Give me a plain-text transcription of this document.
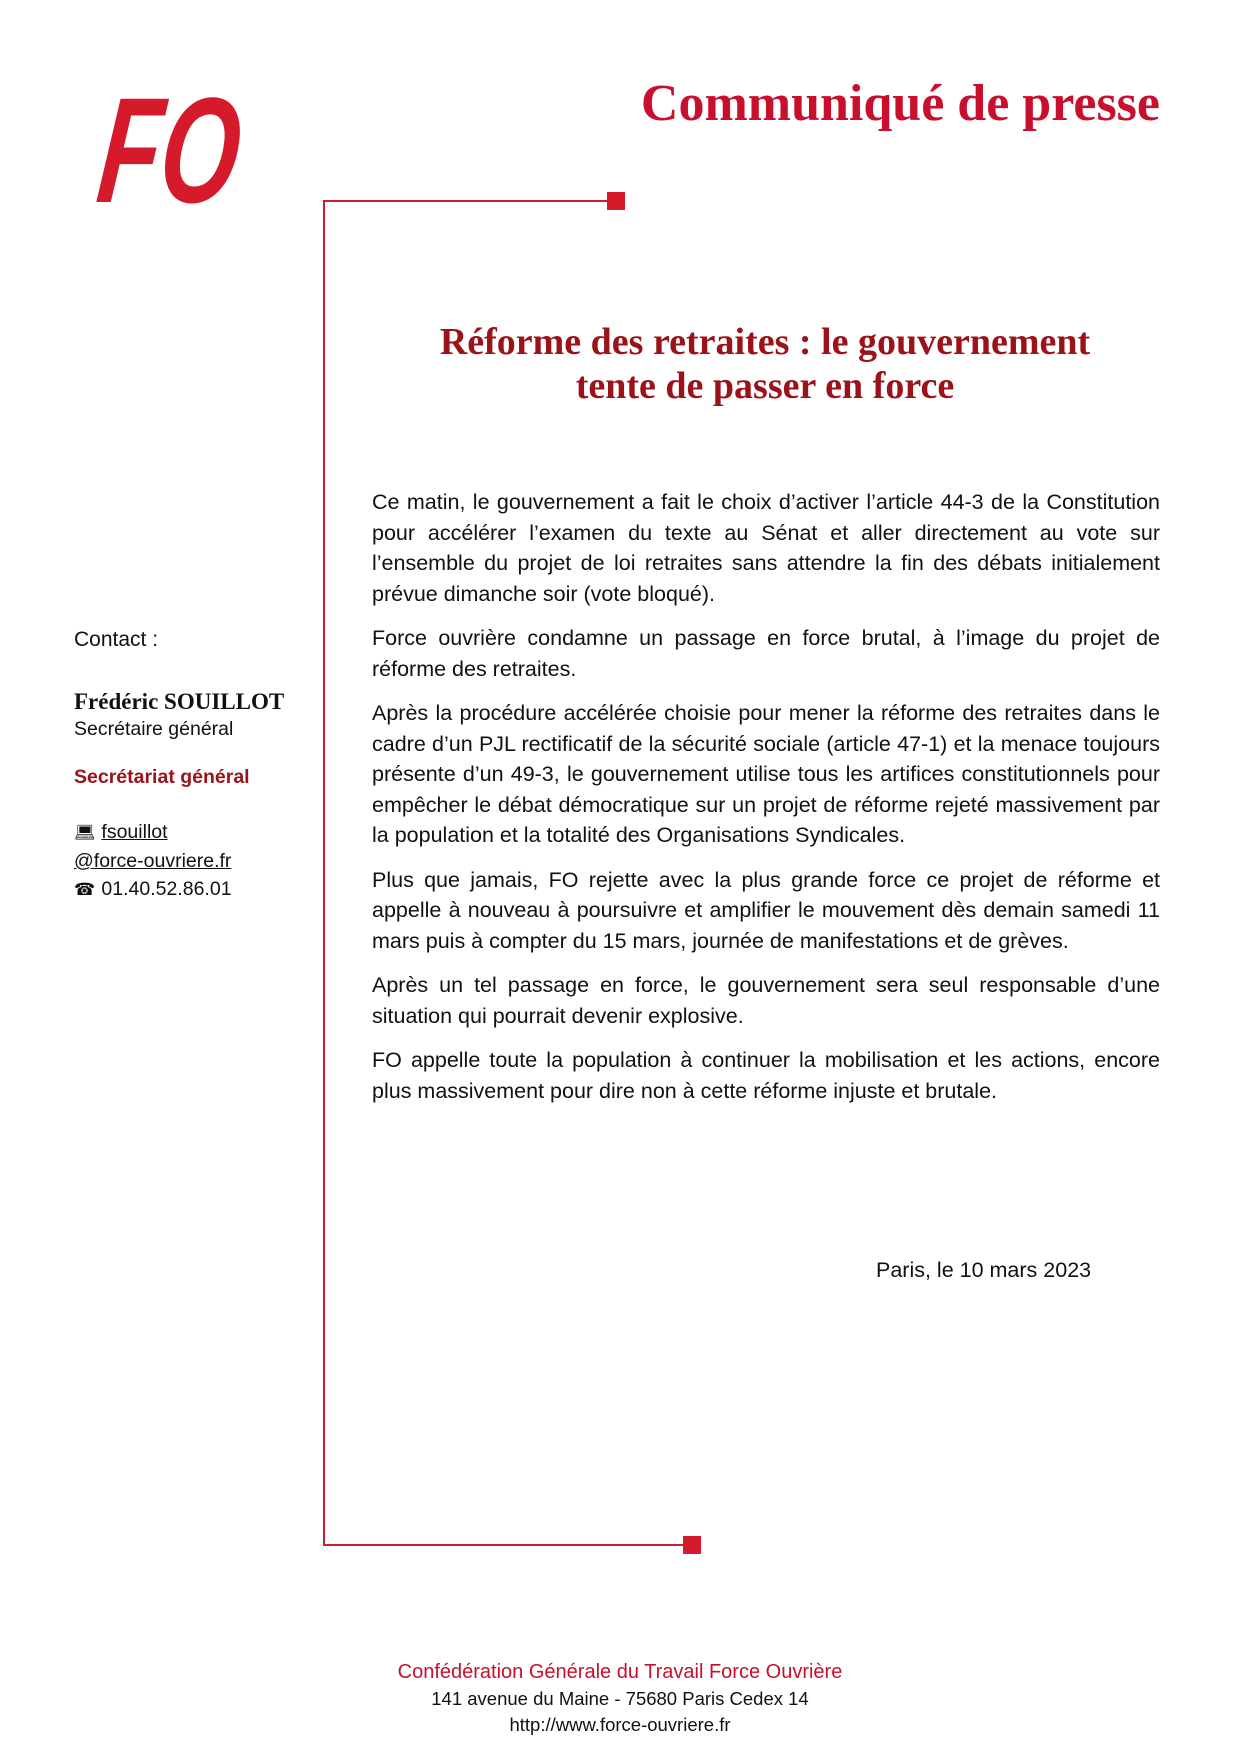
FO	Communiqué de presse
Réforme des retraites : le gouvernement
tente de passer en force

Ce matin, le gouvernement a fait le choix d’activer l’article 44-3 de la Constitution pour accélérer l’examen du texte au Sénat et aller directement au vote sur l’ensemble du projet de loi retraites sans attendre la fin des débats initialement prévue dimanche soir (vote bloqué).

Force ouvrière condamne un passage en force brutal, à l’image du projet de réforme des retraites.

Après la procédure accélérée choisie pour mener la réforme des retraites dans le cadre d’un PJL rectificatif de la sécurité sociale (article 47-1) et la menace toujours présente d’un 49-3, le gouvernement utilise tous les artifices constitutionnels pour empêcher le débat démocratique sur un projet de réforme rejeté massivement par la population et la totalité des Organisations Syndicales.

Plus que jamais, FO rejette avec la plus grande force ce projet de réforme et appelle à nouveau à poursuivre et amplifier le mouvement dès demain samedi 11 mars puis à compter du 15 mars, journée de manifestations et de grèves.

Après un tel passage en force, le gouvernement sera seul responsable d’une situation qui pourrait devenir explosive.

FO appelle toute la population à continuer la mobilisation et les actions, encore plus massivement pour dire non à cette réforme injuste et brutale.

Paris, le 10 mars 2023
Contact :
Frédéric SOUILLOT
Secrétaire général
Secrétariat général
💻︎ fsouillot
@force-ouvriere.fr
☎ 01.40.52.86.01
Confédération Générale du Travail Force Ouvrière
141 avenue du Maine - 75680 Paris Cedex 14
http://www.force-ouvriere.fr
